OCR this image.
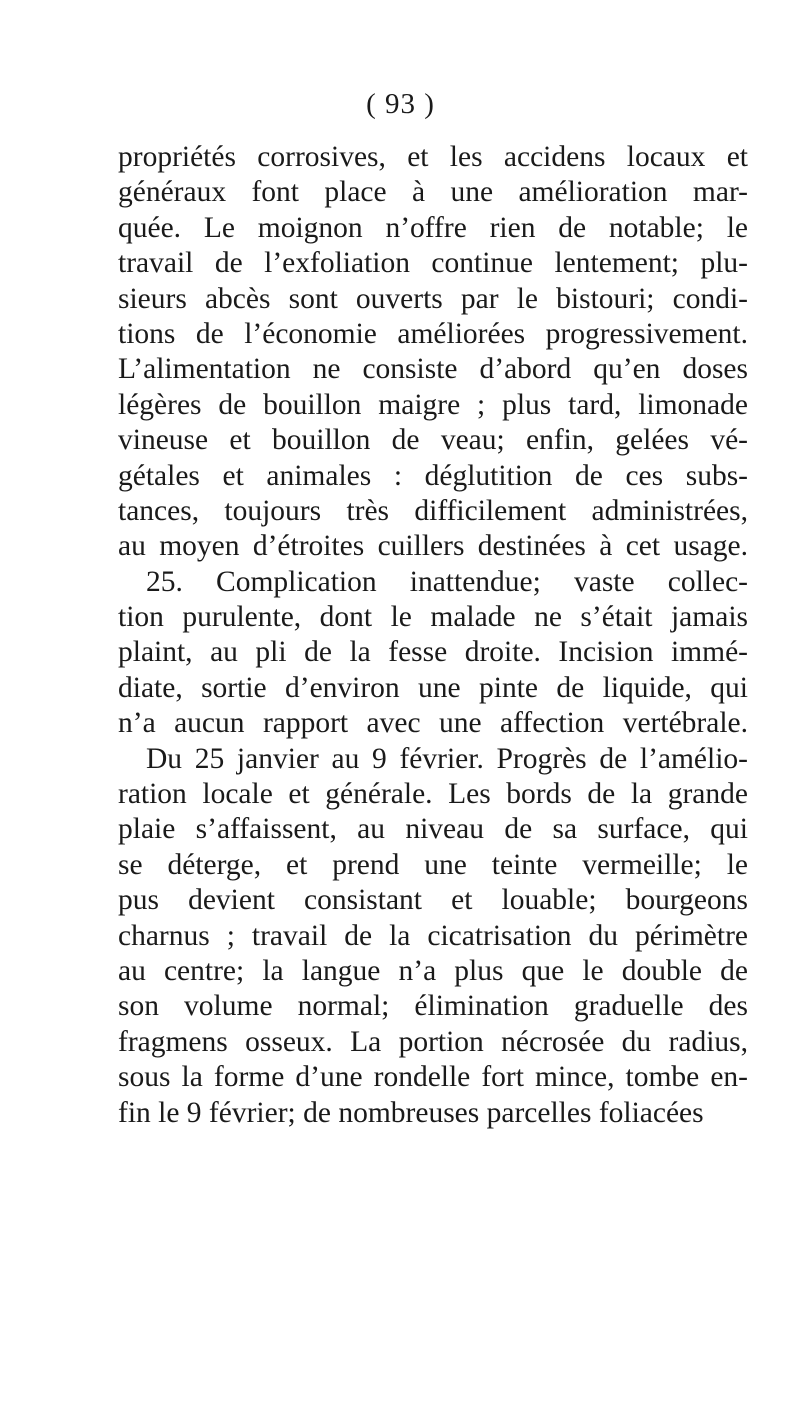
( 93 )
propriétés corrosives, et les accidens locaux et
généraux font place à une amélioration mar-
quée. Le moignon n’offre rien de notable; le
travail de l’exfoliation continue lentement; plu-
sieurs abcès sont ouverts par le bistouri; condi-
tions de l’économie améliorées progressivement.
L’alimentation ne consiste d’abord qu’en doses
légères de bouillon maigre ; plus tard, limonade
vineuse et bouillon de veau; enfin, gelées vé-
gétales et animales : déglutition de ces subs-
tances, toujours très difficilement administrées,
au moyen d’étroites cuillers destinées à cet usage.
25. Complication inattendue; vaste collec-
tion purulente, dont le malade ne s’était jamais
plaint, au pli de la fesse droite. Incision immé-
diate, sortie d’environ une pinte de liquide, qui
n’a aucun rapport avec une affection vertébrale.
Du 25 janvier au 9 février. Progrès de l’amélio-
ration locale et générale. Les bords de la grande
plaie s’affaissent, au niveau de sa surface, qui
se déterge, et prend une teinte vermeille; le
pus devient consistant et louable; bourgeons
charnus ; travail de la cicatrisation du périmètre
au centre; la langue n’a plus que le double de
son volume normal; élimination graduelle des
fragmens osseux. La portion nécrosée du radius,
sous la forme d’une rondelle fort mince, tombe en-
fin le 9 février; de nombreuses parcelles foliacées
